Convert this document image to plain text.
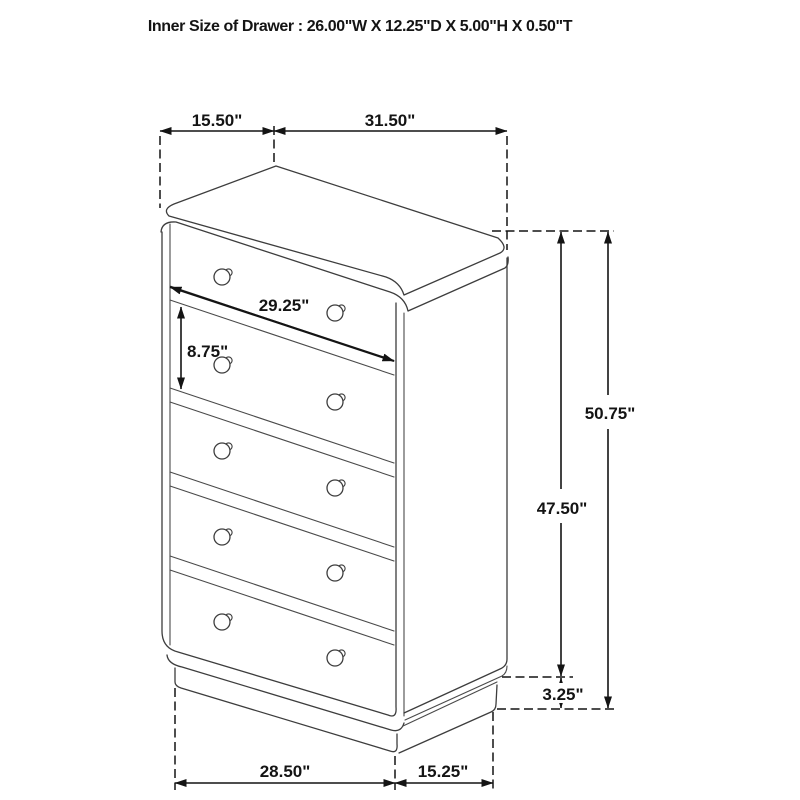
Inner Size of Drawer : 26.00"W X 12.25"D X 5.00"H X 0.50"T
15.50"	31.50"
29.25"
8.75"
50.75"
47.50"
3.25"
28.50"	15.25"
